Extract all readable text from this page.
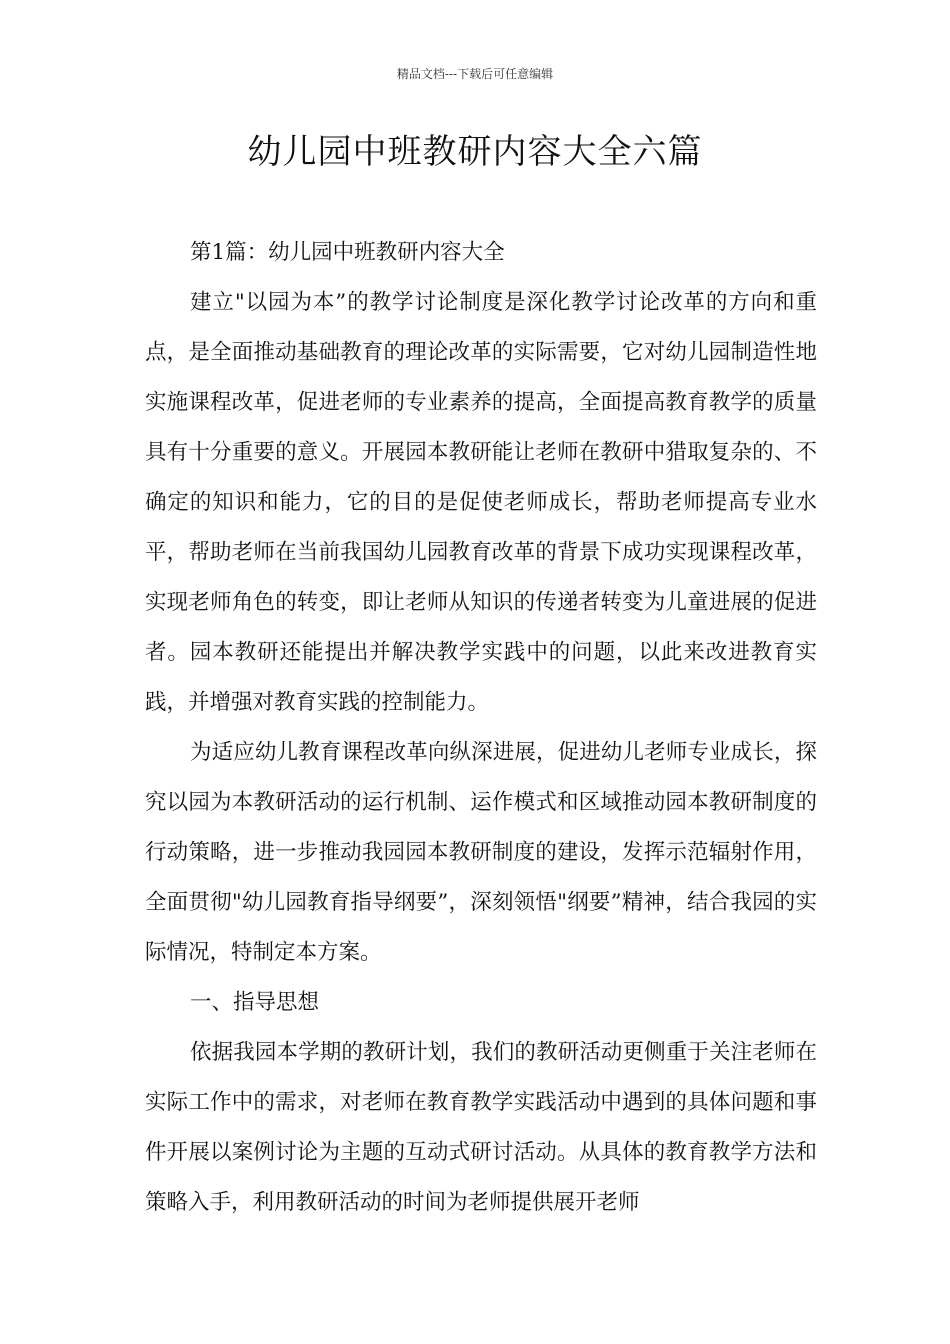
精品文档---下载后可任意编辑
幼儿园中班教研内容大全六篇

第1篇：幼儿园中班教研内容大全

建立"以园为本”的教学讨论制度是深化教学讨论改革的方向和重点，是全面推动基础教育的理论改革的实际需要，它对幼儿园制造性地实施课程改革，促进老师的专业素养的提高，全面提高教育教学的质量具有十分重要的意义。开展园本教研能让老师在教研中猎取复杂的、不确定的知识和能力，它的目的是促使老师成长，帮助老师提高专业水平，帮助老师在当前我国幼儿园教育改革的背景下成功实现课程改革，实现老师角色的转变，即让老师从知识的传递者转变为儿童进展的促进者。园本教研还能提出并解决教学实践中的问题，以此来改进教育实践，并增强对教育实践的控制能力。

为适应幼儿教育课程改革向纵深进展，促进幼儿老师专业成长，探究以园为本教研活动的运行机制、运作模式和区域推动园本教研制度的行动策略，进一步推动我园园本教研制度的建设，发挥示范辐射作用，全面贯彻"幼儿园教育指导纲要”，深刻领悟"纲要”精神，结合我园的实际情况，特制定本方案。

一、指导思想

依据我园本学期的教研计划，我们的教研活动更侧重于关注老师在实际工作中的需求，对老师在教育教学实践活动中遇到的具体问题和事件开展以案例讨论为主题的互动式研讨活动。从具体的教育教学方法和策略入手，利用教研活动的时间为老师提供展开老师
